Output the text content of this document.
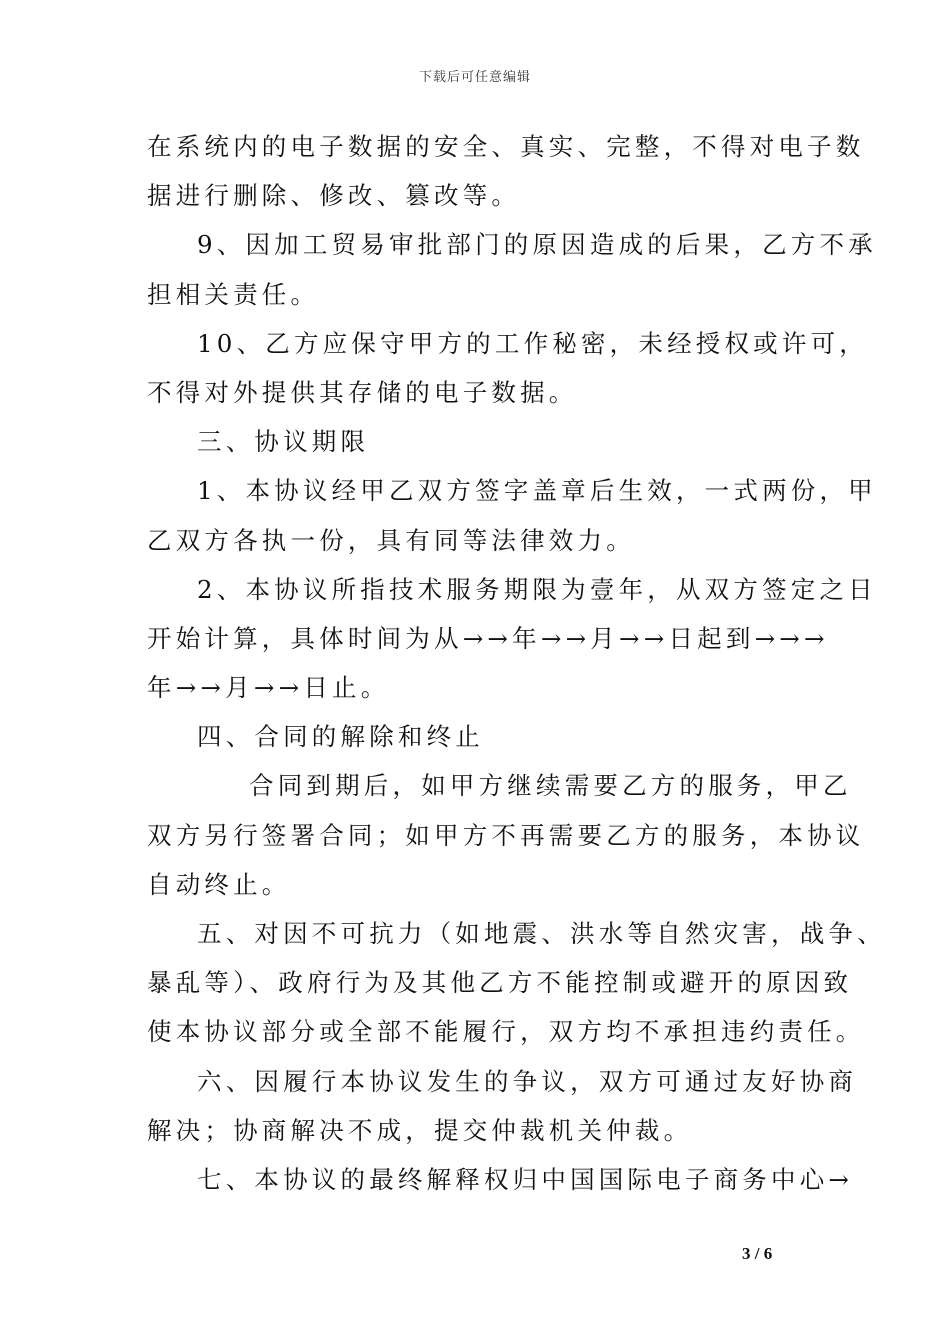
下载后可任意编辑
在系统内的电子数据的安全、真实、完整，不得对电子数
据进行删除、修改、篡改等。
9、因加工贸易审批部门的原因造成的后果，乙方不承
担相关责任。
10、乙方应保守甲方的工作秘密，未经授权或许可，
不得对外提供其存储的电子数据。
三、协议期限
1、本协议经甲乙双方签字盖章后生效，一式两份，甲
乙双方各执一份，具有同等法律效力。
2、本协议所指技术服务期限为壹年，从双方签定之日
开始计算，具体时间为从→→年→→月→→日起到→→→
年→→月→→日止。
四、合同的解除和终止
合同到期后，如甲方继续需要乙方的服务，甲乙
双方另行签署合同；如甲方不再需要乙方的服务，本协议
自动终止。
五、对因不可抗力（如地震、洪水等自然灾害，战争、
暴乱等）、政府行为及其他乙方不能控制或避开的原因致
使本协议部分或全部不能履行，双方均不承担违约责任。
六、因履行本协议发生的争议，双方可通过友好协商
解决；协商解决不成，提交仲裁机关仲裁。
七、本协议的最终解释权归中国国际电子商务中心→
3 / 6
